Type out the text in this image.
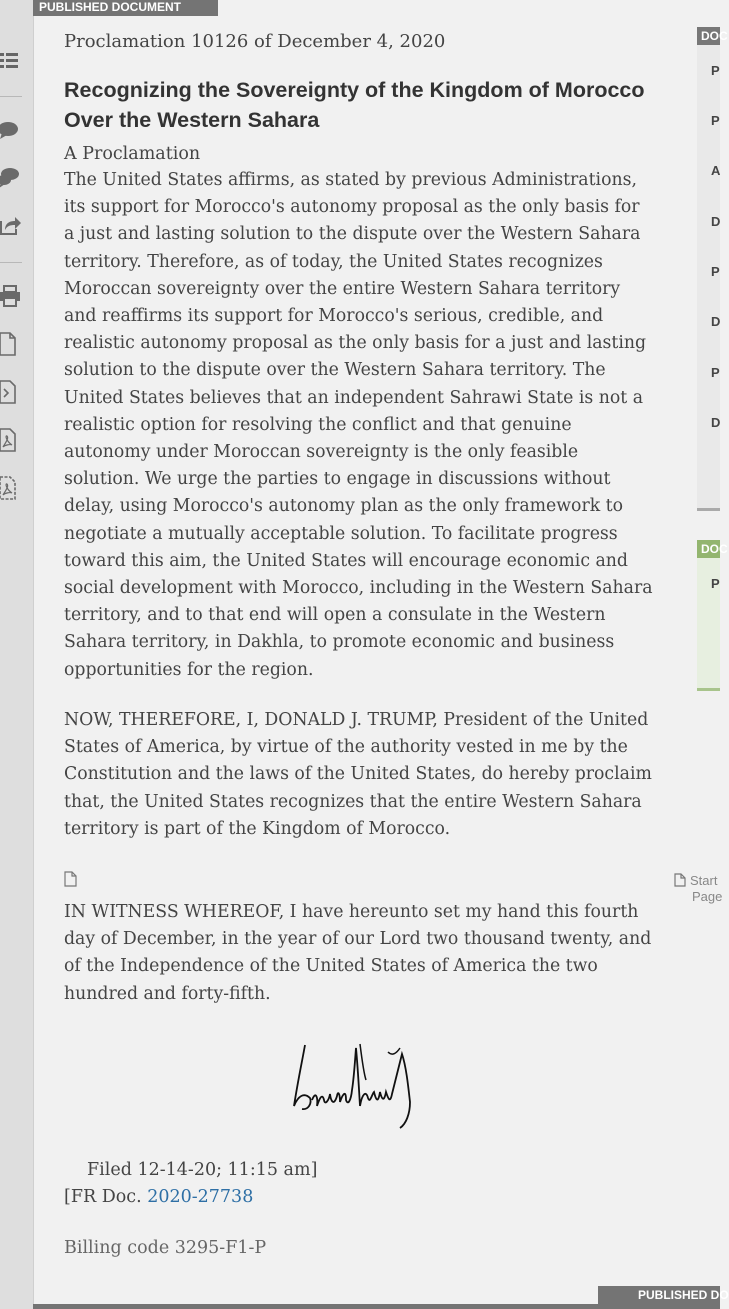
PUBLISHED DOCUMENT
Proclamation 10126 of December 4, 2020
Recognizing the Sovereignty of the Kingdom of Morocco Over the Western Sahara
A Proclamation

The United States affirms, as stated by previous Administrations, its support for Morocco's autonomy proposal as the only basis for a just and lasting solution to the dispute over the Western Sahara territory. Therefore, as of today, the United States recognizes Moroccan sovereignty over the entire Western Sahara territory and reaffirms its support for Morocco's serious, credible, and realistic autonomy proposal as the only basis for a just and lasting solution to the dispute over the Western Sahara territory. The United States believes that an independent Sahrawi State is not a realistic option for resolving the conflict and that genuine autonomy under Moroccan sovereignty is the only feasible solution. We urge the parties to engage in discussions without delay, using Morocco's autonomy plan as the only framework to negotiate a mutually acceptable solution. To facilitate progress toward this aim, the United States will encourage economic and social development with Morocco, including in the Western Sahara territory, and to that end will open a consulate in the Western Sahara territory, in Dakhla, to promote economic and business opportunities for the region.

NOW, THEREFORE, I, DONALD J. TRUMP, President of the United States of America, by virtue of the authority vested in me by the Constitution and the laws of the United States, do hereby proclaim that, the United States recognizes that the entire Western Sahara territory is part of the Kingdom of Morocco.

IN WITNESS WHEREOF, I have hereunto set my hand this fourth day of December, in the year of our Lord two thousand twenty, and of the Independence of the United States of America the two hundred and forty-fifth.

Start
Page
Filed 12-14-20; 11:15 am]
[FR Doc. 2020-27738
Billing code 3295-F1-P
DOC
P
P
A
D
P
D
P
D
DOC
P
PUBLISHED DO
